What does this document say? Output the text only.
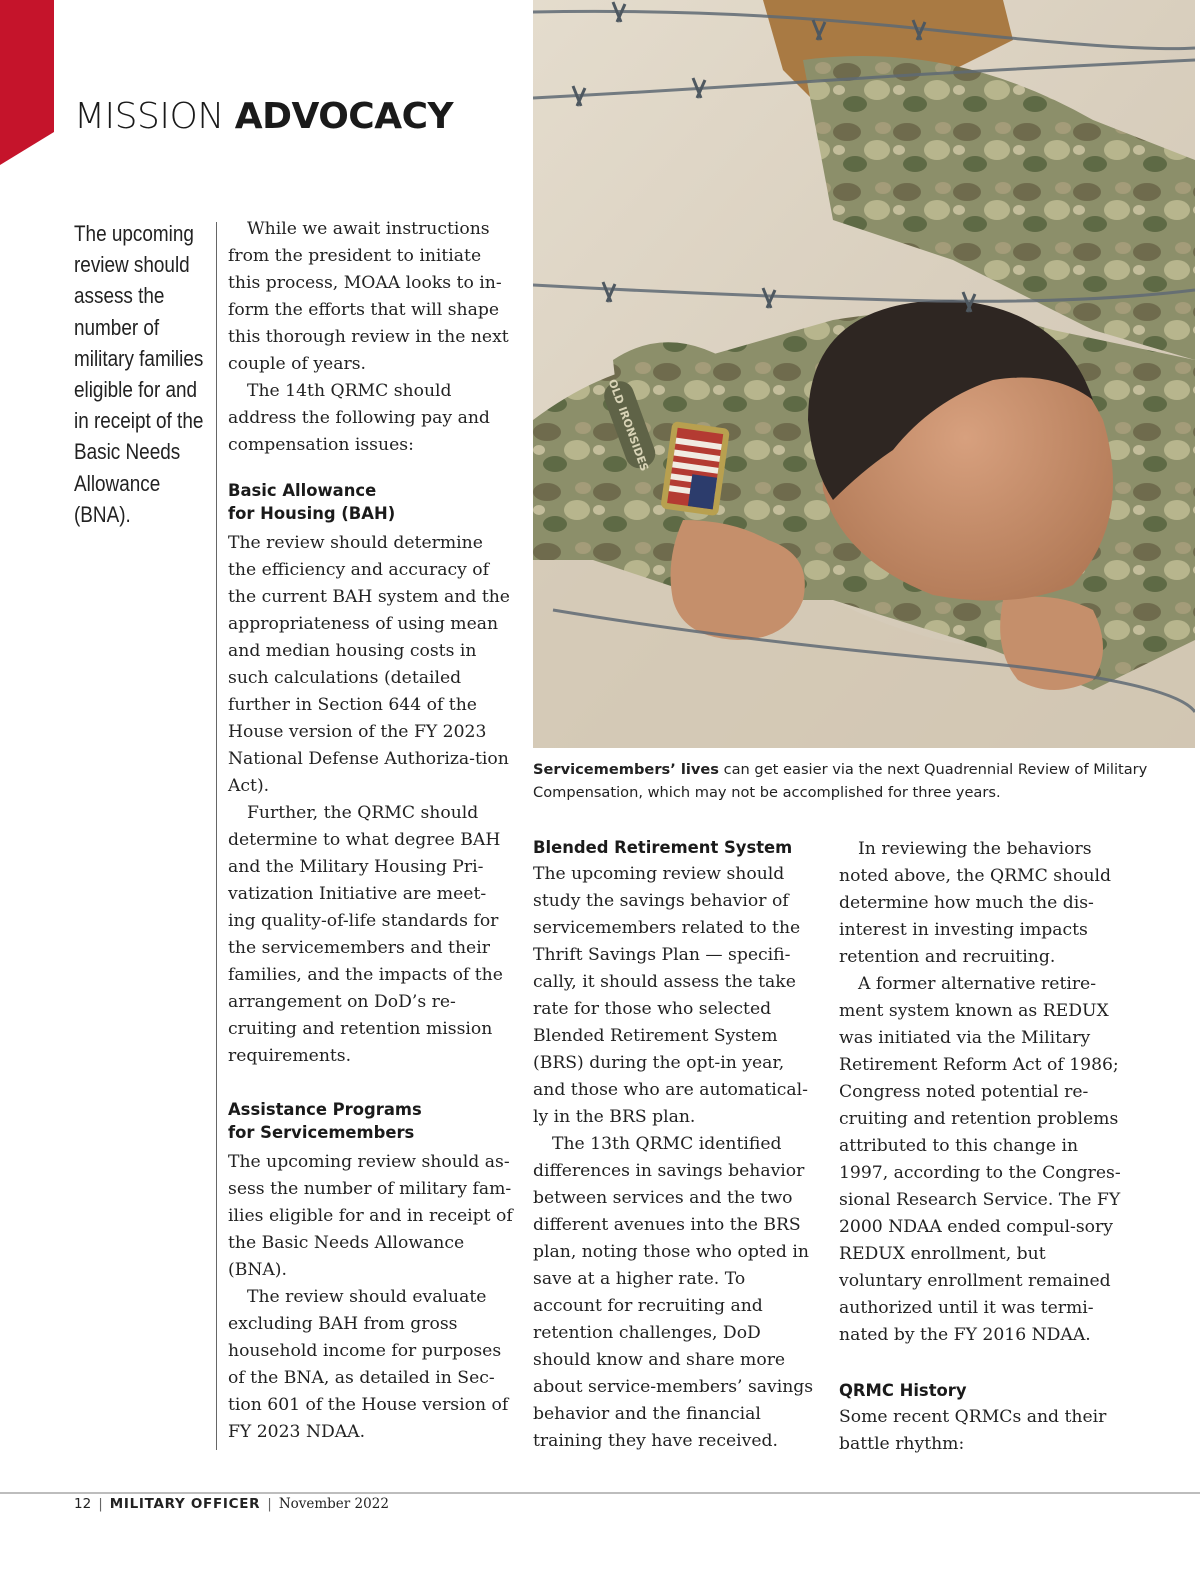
MISSION ADVOCACY
The upcoming review should assess the number of military families eligible for and in receipt of the Basic Needs Allowance (BNA).

While we await instructions from the president to initiate this process, MOAA looks to in-form the efforts that will shape this thorough review in the next couple of years.

The 14th QRMC should address the following pay and compensation issues:

Basic Allowance
for Housing (BAH)

The review should determine the efficiency and accuracy of the current BAH system and the appropriateness of using mean and median housing costs in such calculations (detailed further in Section 644 of the House version of the FY 2023 National Defense Authoriza-tion Act).

Further, the QRMC should determine to what degree BAH and the Military Housing Pri-vatization Initiative are meet-ing quality-of-life standards for the servicemembers and their families, and the impacts of the arrangement on DoD’s re-cruiting and retention mission requirements.

Assistance Programs
for Servicemembers

The upcoming review should as-sess the number of military fam-ilies eligible for and in receipt of the Basic Needs Allowance (BNA).

The review should evaluate excluding BAH from gross household income for purposes of the BNA, as detailed in Sec-tion 601 of the House version of FY 2023 NDAA.

OLD IRONSIDES
Servicemembers’ lives can get easier via the next Quadrennial Review of Military Compensation, which may not be accomplished for three years.
Blended Retirement System

The upcoming review should study the savings behavior of servicemembers related to the Thrift Savings Plan — specifi-cally, it should assess the take rate for those who selected Blended Retirement System (BRS) during the opt-in year, and those who are automatical-ly in the BRS plan.

The 13th QRMC identified differences in savings behavior between services and the two different avenues into the BRS plan, noting those who opted in save at a higher rate. To account for recruiting and retention challenges, DoD should know and share more about service-members’ savings behavior and the financial training they have received.

In reviewing the behaviors noted above, the QRMC should determine how much the dis-interest in investing impacts retention and recruiting.

A former alternative retire-ment system known as REDUX was initiated via the Military Retirement Reform Act of 1986; Congress noted potential re-cruiting and retention problems attributed to this change in 1997, according to the Congres-sional Research Service. The FY 2000 NDAA ended compul-sory REDUX enrollment, but voluntary enrollment remained authorized until it was termi-nated by the FY 2016 NDAA.

QRMC History

Some recent QRMCs and their battle rhythm:

12 | MILITARY OFFICER | November 2022
